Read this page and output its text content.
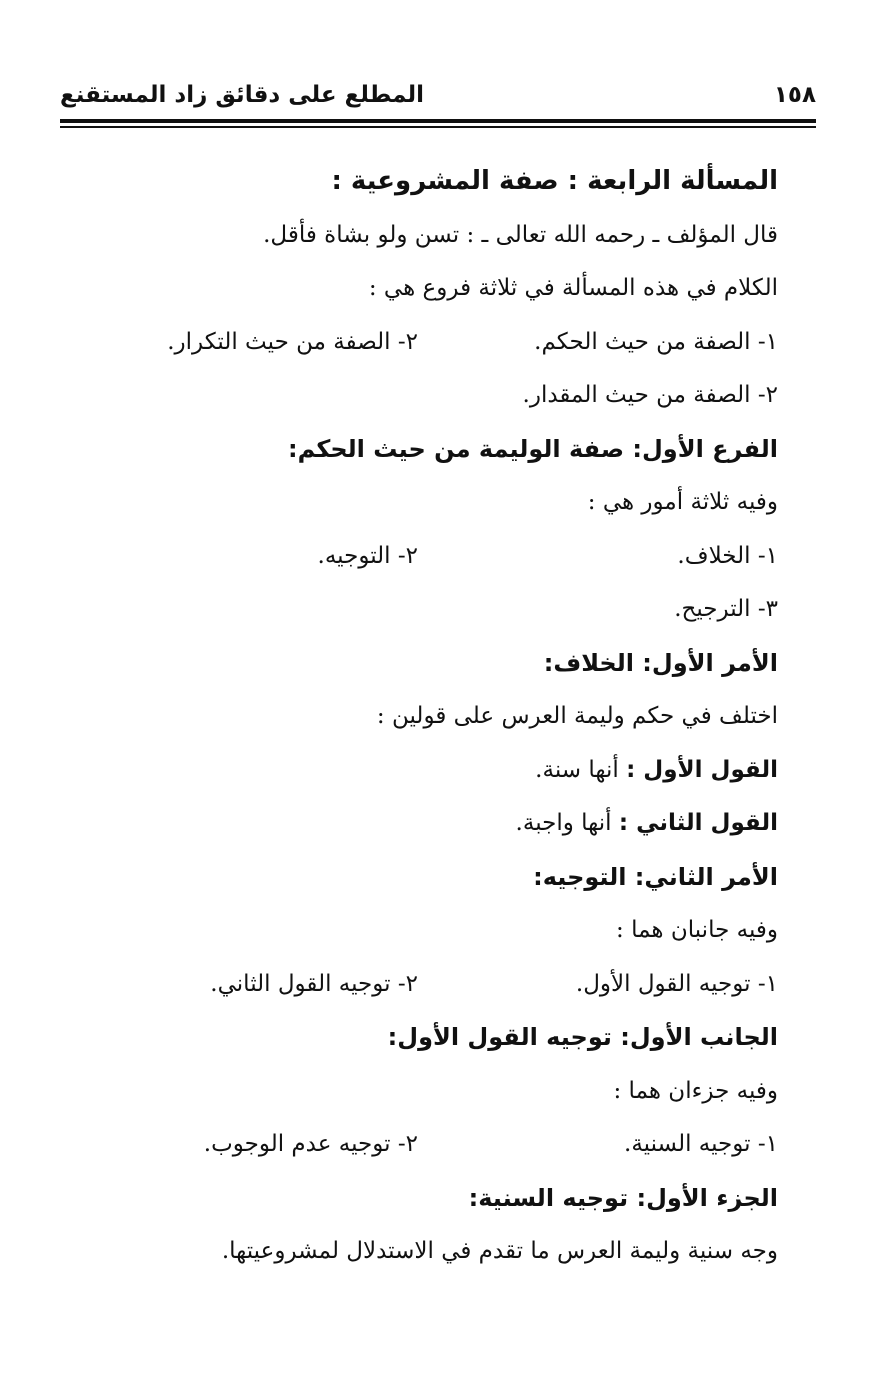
١٥٨
المطلع على دقائق زاد المستقنع
المسألة الرابعة : صفة المشروعية :
قال المؤلف ـ رحمه الله تعالى ـ : تسن ولو بشاة فأقل.
الكلام في هذه المسألة في ثلاثة فروع هي :
١- الصفة من حيث الحكم.
٢- الصفة من حيث التكرار.
٢- الصفة من حيث المقدار.
الفرع الأول: صفة الوليمة من حيث الحكم:
وفيه ثلاثة أمور هي :
١- الخلاف.
٢- التوجيه.
٣- الترجيح.
الأمر الأول: الخلاف:
اختلف في حكم وليمة العرس على قولين :
القول الأول : أنها سنة.
القول الثاني : أنها واجبة.
الأمر الثاني: التوجيه:
وفيه جانبان هما :
١- توجيه القول الأول.
٢- توجيه القول الثاني.
الجانب الأول: توجيه القول الأول:
وفيه جزءان هما :
١- توجيه السنية.
٢- توجيه عدم الوجوب.
الجزء الأول: توجيه السنية:
وجه سنية وليمة العرس ما تقدم في الاستدلال لمشروعيتها.
